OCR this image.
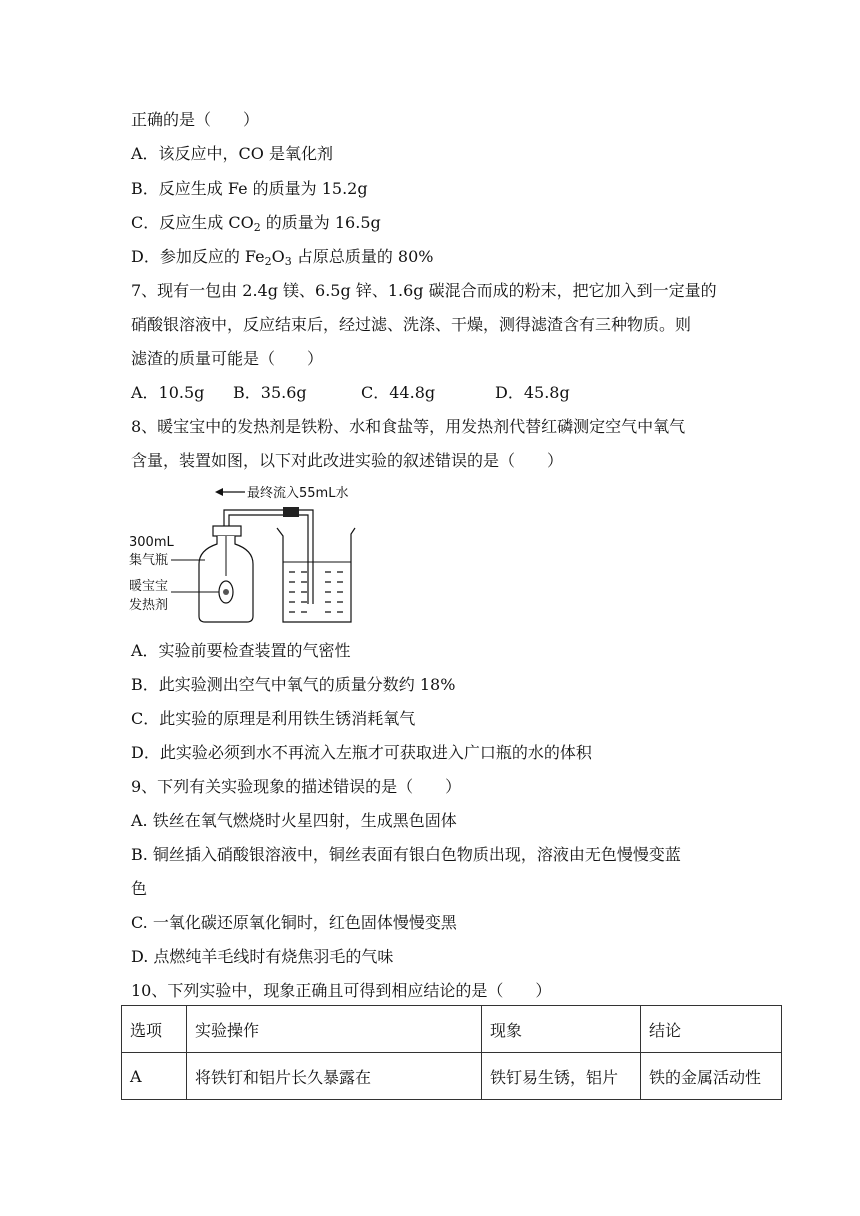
正确的是（　　）
A．该反应中，CO 是氧化剂
B．反应生成 Fe 的质量为 15.2g
C．反应生成 $CO_2$ 的质量为 16.5g
D．参加反应的 $Fe_2O_3$ 占原总质量的 80%
7、现有一包由 2.4g 镁、6.5g 锌、1.6g 碳混合而成的粉末，把它加入到一定量的
硝酸银溶液中，反应结束后，经过滤、洗涤、干燥，测得滤渣含有三种物质。则
滤渣的质量可能是（　　）
A．10.5g B．35.6g	C．44.8g	D．45.8g
8、暖宝宝中的发热剂是铁粉、水和食盐等，用发热剂代替红磷测定空气中氧气
含量，装置如图，以下对此改进实验的叙述错误的是（　　）
最终流入55mL水
300mL
集气瓶
暖宝宝
发热剂
A．实验前要检查装置的气密性
B．此实验测出空气中氧气的质量分数约 18%
C．此实验的原理是利用铁生锈消耗氧气
D．此实验必须到水不再流入左瓶才可获取进入广口瓶的水的体积
9、下列有关实验现象的描述错误的是（　　）
A. 铁丝在氧气燃烧时火星四射，生成黑色固体
B. 铜丝插入硝酸银溶液中，铜丝表面有银白色物质出现，溶液由无色慢慢变蓝
色
C. 一氧化碳还原氧化铜时，红色固体慢慢变黑
D. 点燃纯羊毛线时有烧焦羽毛的气味
10、下列实验中，现象正确且可得到相应结论的是（　　）
选项	实验操作	现象	结论
A	将铁钉和铝片长久暴露在	铁钉易生锈，铝片	铁的金属活动性
